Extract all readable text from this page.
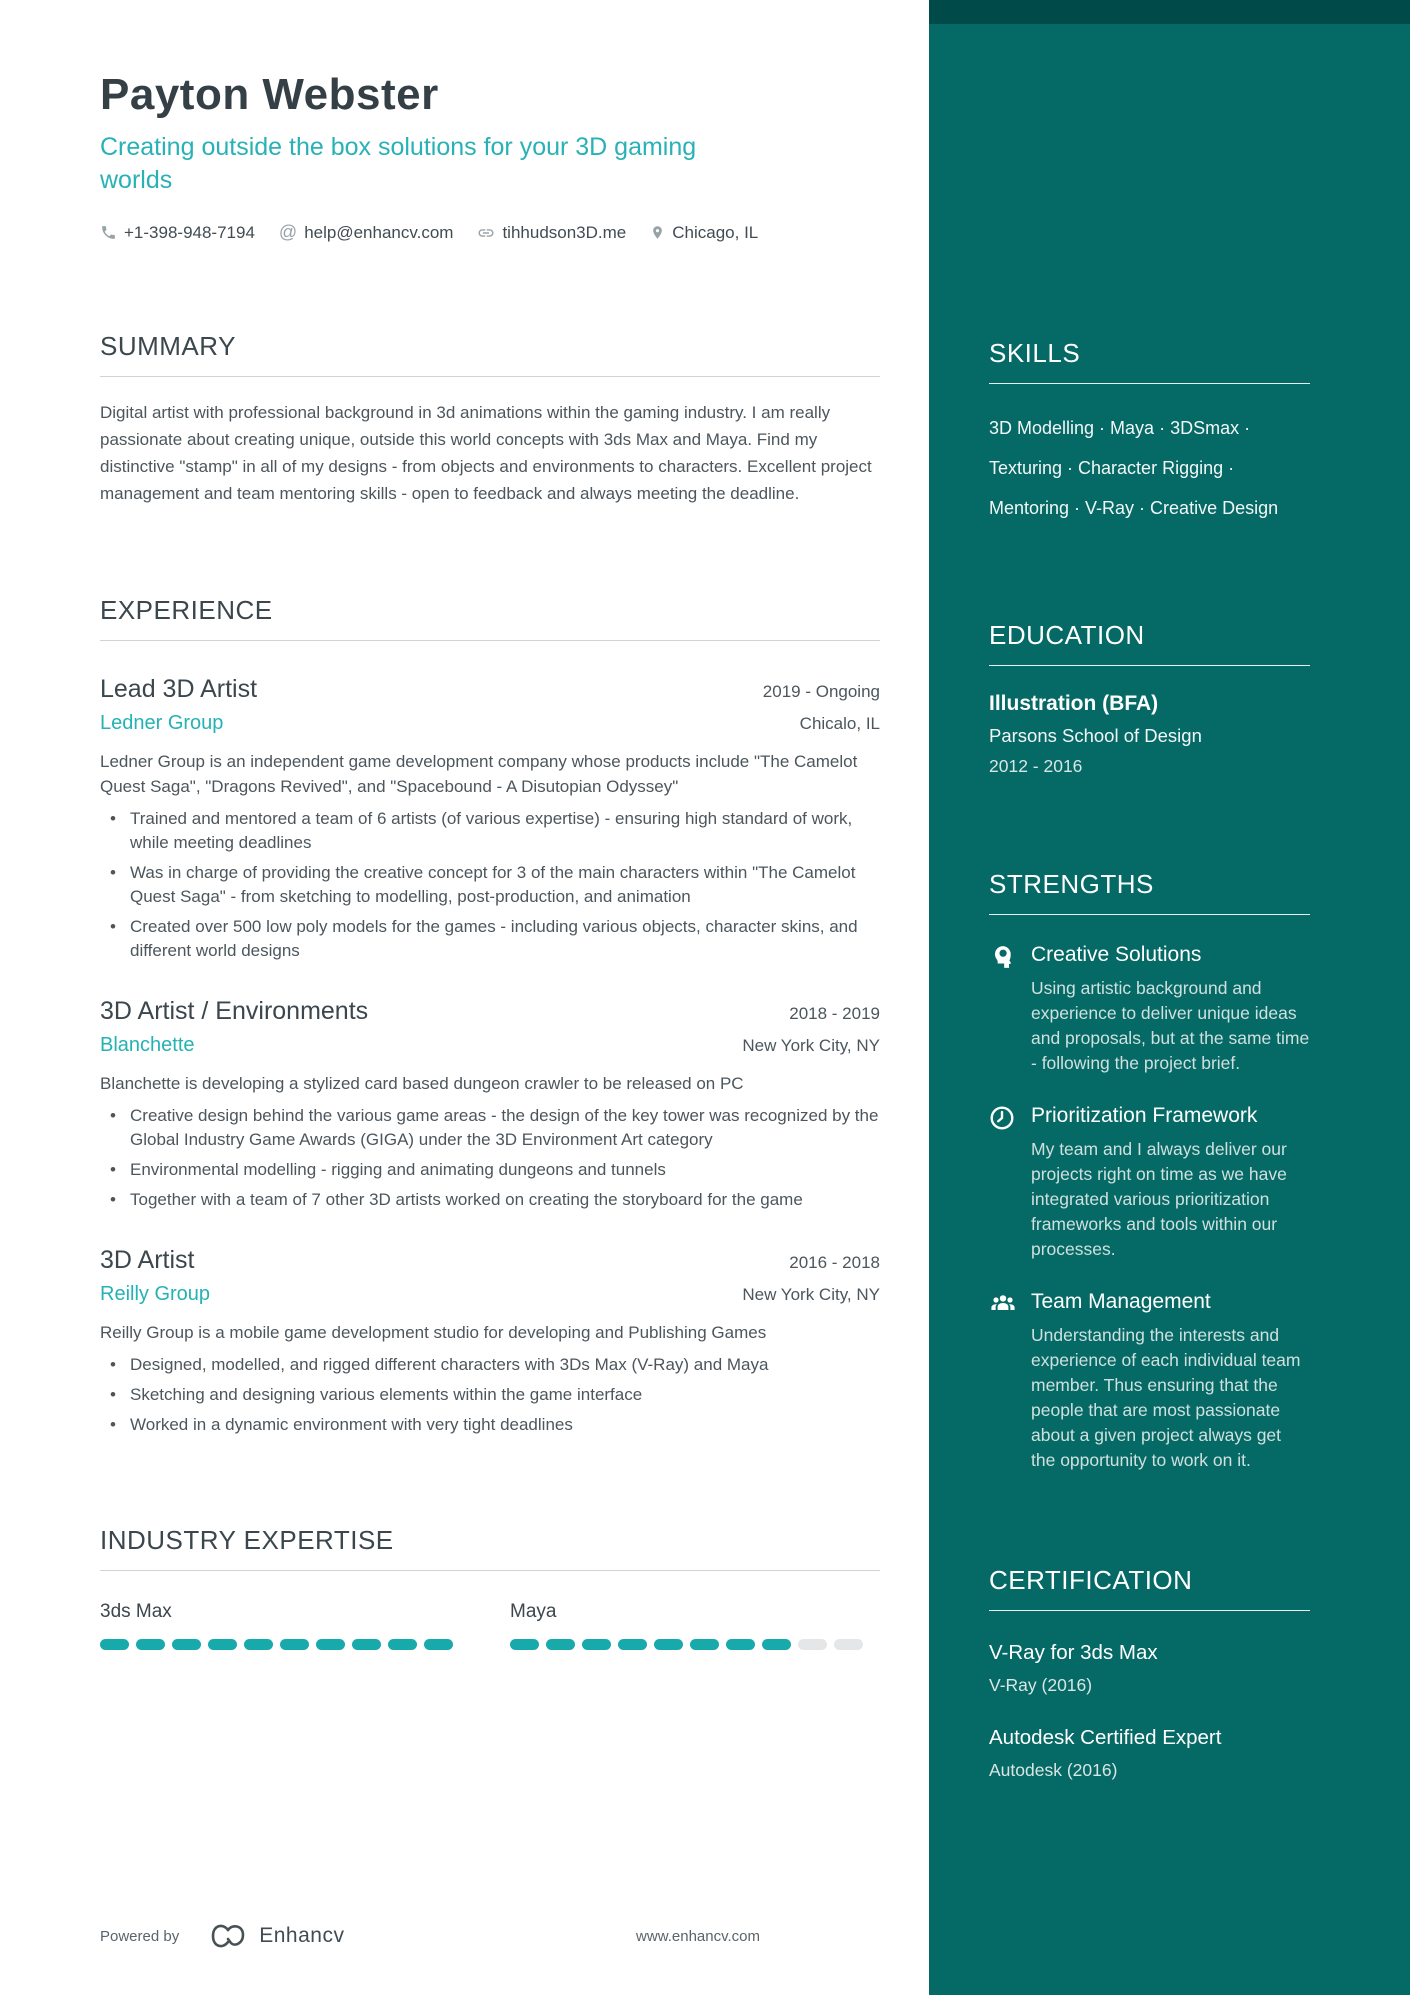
Payton Webster
Creating outside the box solutions for your 3D gaming worlds
+1-398-948-7194 @ help@enhancv.com	tihhudson3D.me	Chicago, IL
SUMMARY
Digital artist with professional background in 3d animations within the gaming industry. I am really passionate about creating unique, outside this world concepts with 3ds Max and Maya. Find my distinctive "stamp" in all of my designs - from objects and environments to characters. Excellent project management and team mentoring skills - open to feedback and always meeting the deadline.
EXPERIENCE
Lead 3D Artist	2019 - Ongoing
Ledner Group	Chicalo, IL
Ledner Group is an independent game development company whose products include "The Camelot Quest Saga", "Dragons Revived", and "Spacebound - A Disutopian Odyssey"
• Trained and mentored a team of 6 artists (of various expertise) - ensuring high standard of work, while meeting deadlines
• Was in charge of providing the creative concept for 3 of the main characters within "The Camelot Quest Saga" - from sketching to modelling, post-production, and animation
• Created over 500 low poly models for the games - including various objects, character skins, and different world designs
3D Artist / Environments	2018 - 2019
Blanchette	New York City, NY
Blanchette is developing a stylized card based dungeon crawler to be released on PC
• Creative design behind the various game areas - the design of the key tower was recognized by the Global Industry Game Awards (GIGA) under the 3D Environment Art category
• Environmental modelling - rigging and animating dungeons and tunnels
• Together with a team of 7 other 3D artists worked on creating the storyboard for the game
3D Artist	2016 - 2018
Reilly Group	New York City, NY
Reilly Group is a mobile game development studio for developing and Publishing Games
• Designed, modelled, and rigged different characters with 3Ds Max (V-Ray) and Maya
• Sketching and designing various elements within the game interface
• Worked in a dynamic environment with very tight deadlines
INDUSTRY EXPERTISE
3ds Max	Maya
Powered by	Enhancv	www.enhancv.com
SKILLS
3D Modelling · Maya · 3DSmax ·
Texturing · Character Rigging ·
Mentoring · V-Ray · Creative Design
EDUCATION
Illustration (BFA)
Parsons School of Design
2012 - 2016
STRENGTHS
Creative Solutions

Using artistic background and experience to deliver unique ideas and proposals, but at the same time - following the project brief.

Prioritization Framework

My team and I always deliver our projects right on time as we have integrated various prioritization frameworks and tools within our processes.

Team Management

Understanding the interests and experience of each individual team member. Thus ensuring that the people that are most passionate about a given project always get the opportunity to work on it.

CERTIFICATION
V-Ray for 3ds Max
V-Ray (2016)
Autodesk Certified Expert
Autodesk (2016)
